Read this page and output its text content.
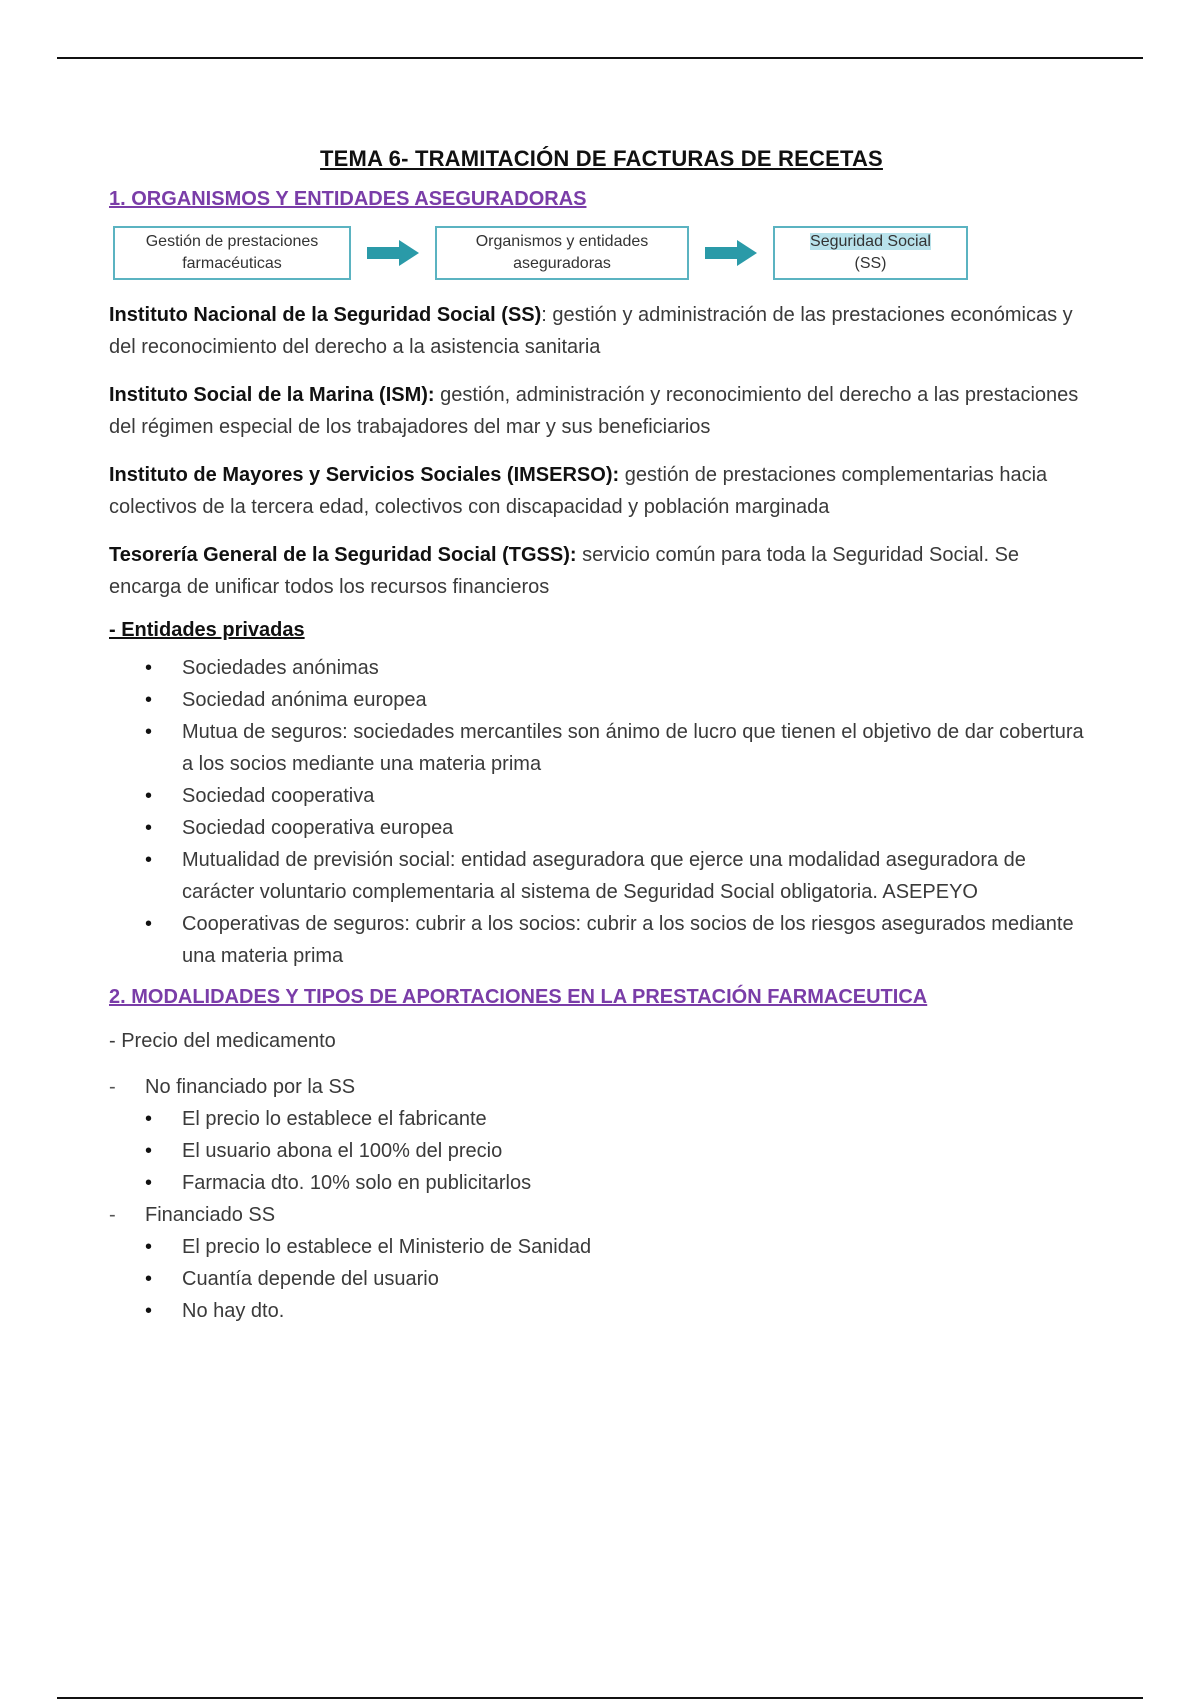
TEMA 6- TRAMITACIÓN DE FACTURAS DE RECETAS
1. ORGANISMOS Y ENTIDADES ASEGURADORAS
Gestión de prestaciones
farmacéuticas
Organismos y entidades
aseguradoras
Seguridad Social
(SS)

Instituto Nacional de la Seguridad Social (SS): gestión y administración de las prestaciones económicas y del reconocimiento del derecho a la asistencia sanitaria

Instituto Social de la Marina (ISM): gestión, administración y reconocimiento del derecho a las prestaciones del régimen especial de los trabajadores del mar y sus beneficiarios

Instituto de Mayores y Servicios Sociales (IMSERSO): gestión de prestaciones complementarias hacia colectivos de la tercera edad, colectivos con discapacidad y población marginada

Tesorería General de la Seguridad Social (TGSS): servicio común para toda la Seguridad Social. Se encarga de unificar todos los recursos financieros

- Entidades privadas
• Sociedades anónimas
• Sociedad anónima europea
• Mutua de seguros: sociedades mercantiles son ánimo de lucro que tienen el objetivo de dar cobertura a los socios mediante una materia prima
• Sociedad cooperativa
• Sociedad cooperativa europea
• Mutualidad de previsión social: entidad aseguradora que ejerce una modalidad aseguradora de carácter voluntario complementaria al sistema de Seguridad Social obligatoria. ASEPEYO
• Cooperativas de seguros: cubrir a los socios: cubrir a los socios de los riesgos asegurados mediante una materia prima
2. MODALIDADES Y TIPOS DE APORTACIONES EN LA PRESTACIÓN FARMACEUTICA
- Precio del medicamento
- No financiado por la SS
• El precio lo establece el fabricante
• El usuario abona el 100% del precio
• Farmacia dto. 10% solo en publicitarlos
- Financiado SS
• El precio lo establece el Ministerio de Sanidad
• Cuantía depende del usuario
• No hay dto.
